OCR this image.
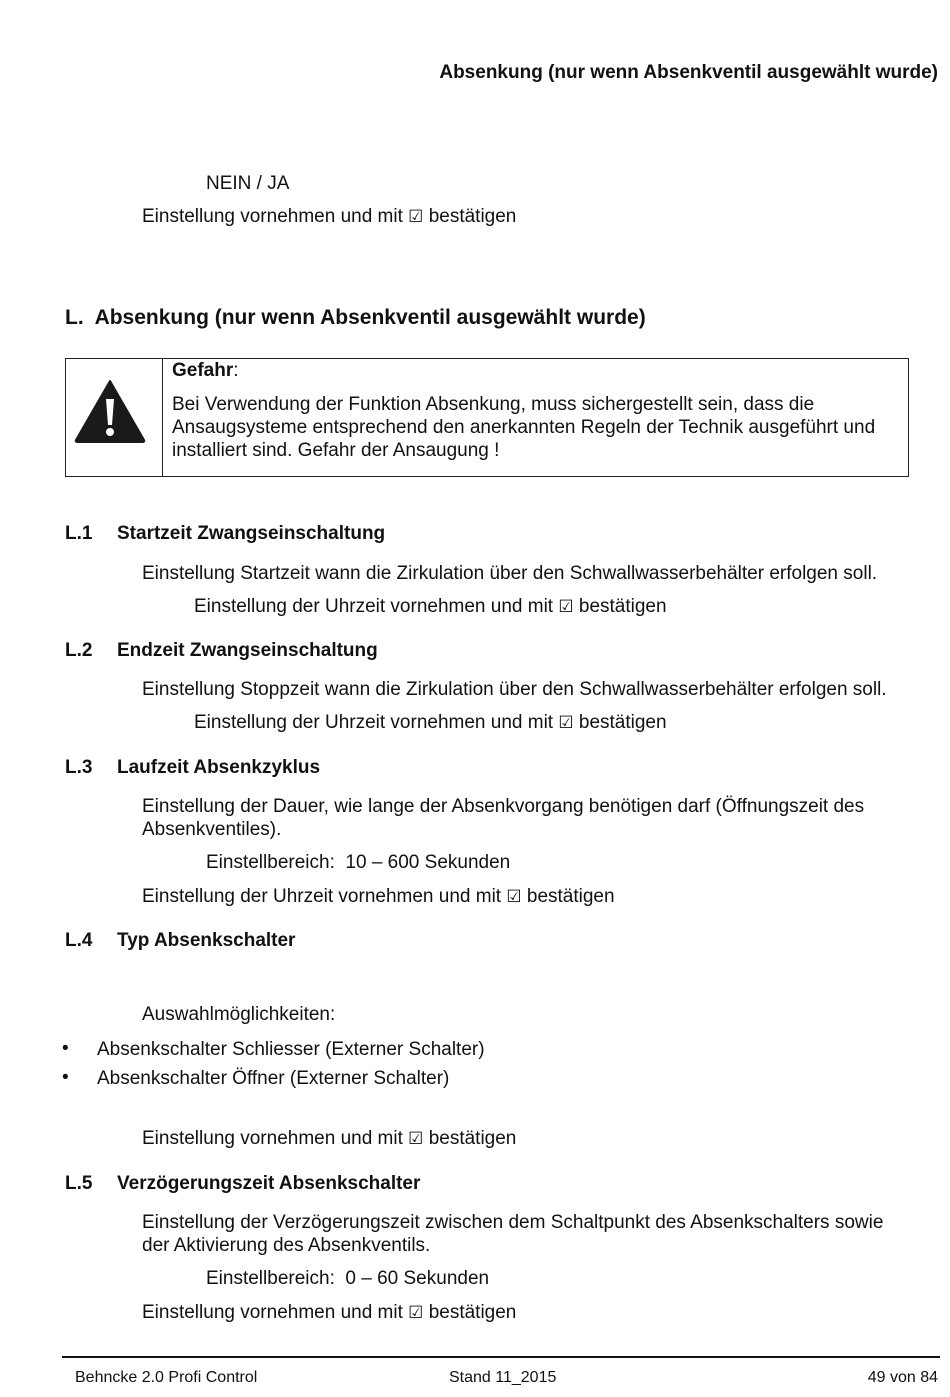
Absenkung (nur wenn Absenkventil ausgewählt wurde)
NEIN / JA
Einstellung vornehmen und mit ☑ bestätigen
L. Absenkung (nur wenn Absenkventil ausgewählt wurde)
Gefahr:
Bei Verwendung der Funktion Absenkung, muss sichergestellt sein, dass die Ansaugsysteme entsprechend den anerkannten Regeln der Technik ausgeführt und installiert sind. Gefahr der Ansaugung !
L.1 Startzeit Zwangseinschaltung
Einstellung Startzeit wann die Zirkulation über den Schwallwasserbehälter erfolgen soll.
Einstellung der Uhrzeit vornehmen und mit ☑ bestätigen
L.2 Endzeit Zwangseinschaltung
Einstellung Stoppzeit wann die Zirkulation über den Schwallwasserbehälter erfolgen soll.
Einstellung der Uhrzeit vornehmen und mit ☑ bestätigen
L.3 Laufzeit Absenkzyklus
Einstellung der Dauer, wie lange der Absenkvorgang benötigen darf (Öffnungszeit des
Absenkventiles).
Einstellbereich: 10 – 600 Sekunden
Einstellung der Uhrzeit vornehmen und mit ☑ bestätigen
L.4 Typ Absenkschalter
Auswahlmöglichkeiten:
• Absenkschalter Schliesser (Externer Schalter)
• Absenkschalter Öffner (Externer Schalter)
Einstellung vornehmen und mit ☑ bestätigen
L.5 Verzögerungszeit Absenkschalter
Einstellung der Verzögerungszeit zwischen dem Schaltpunkt des Absenkschalters sowie
der Aktivierung des Absenkventils.
Einstellbereich: 0 – 60 Sekunden
Einstellung vornehmen und mit ☑ bestätigen
Behncke 2.0 Profi Control	Stand 11_2015	49 von 84
